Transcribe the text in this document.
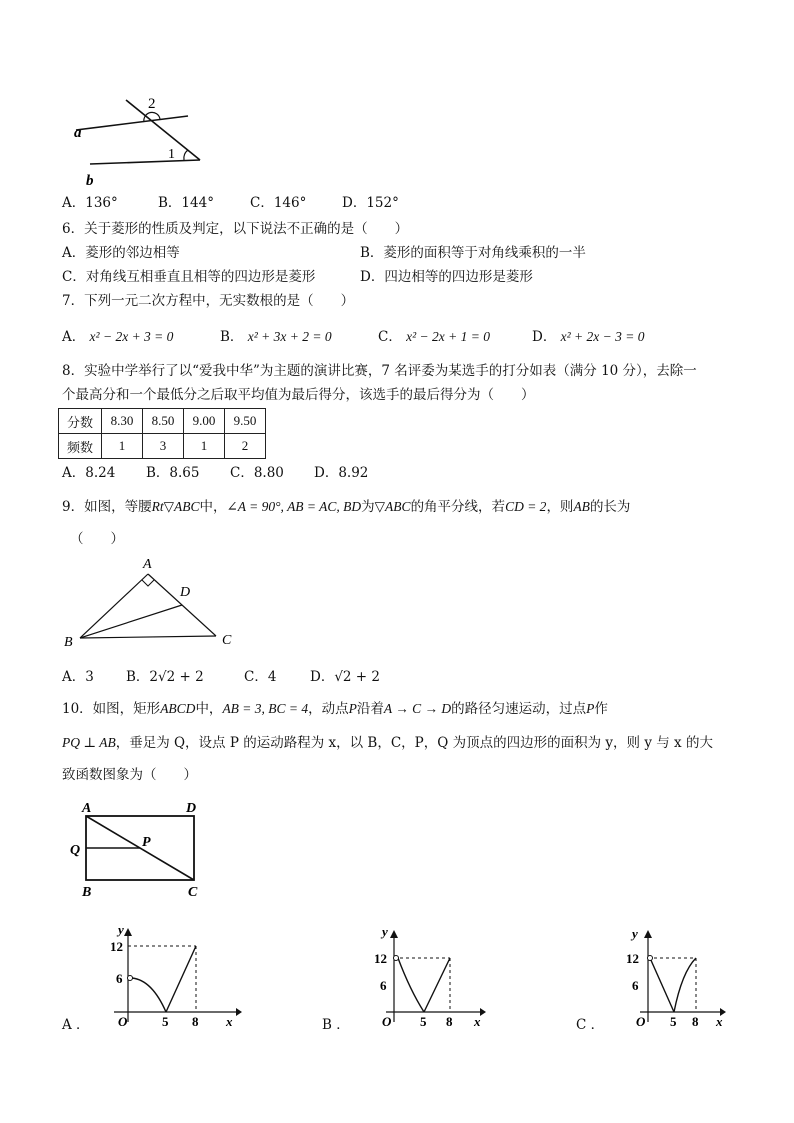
2
1
a
b
A．136°	B．144°	C．146°	D．152°
6．关于菱形的性质及判定，以下说法不正确的是（　　）
A．菱形的邻边相等	B．菱形的面积等于对角线乘积的一半
C．对角线互相垂直且相等的四边形是菱形	D．四边相等的四边形是菱形
7．下列一元二次方程中，无实数根的是（　　）
A． x² − 2x + 3 = 0	B． x² + 3x + 2 = 0	C． x² − 2x + 1 = 0	D． x² + 2x − 3 = 0
8．实验中学举行了以“爱我中华”为主题的演讲比赛，7 名评委为某选手的打分如表（满分 10 分），去除一
个最高分和一个最低分之后取平均值为最后得分，该选手的最后得分为（　　）
分数	8.30	8.50	9.00	9.50
频数	1	3	1	2
A．8.24 B．8.65 C．8.80 D．8.92
9．如图，等腰Rt▽ABC中，∠A = 90°, AB = AC, BD为▽ABC的角平分线，若CD = 2，则AB的长为
（　　）
A
B	C
D
A．3 B．2√2 + 2	C．4 D．√2 + 2
10．如图，矩形ABCD中，AB = 3, BC = 4，动点P沿着A → C → D的路径匀速运动，过点P作
PQ ⊥ AB，垂足为 Q，设点 P 的运动路程为 x，以 B，C，P，Q 为顶点的四边形的面积为 y，则 y 与 x 的大
致函数图象为（　　）
A	D
Q
P
B	C
A ．
y
x
O
12
6
5 8	B ．
y
x
O
12
6
5 8	C ．
y
x
O
12
6
5 8
